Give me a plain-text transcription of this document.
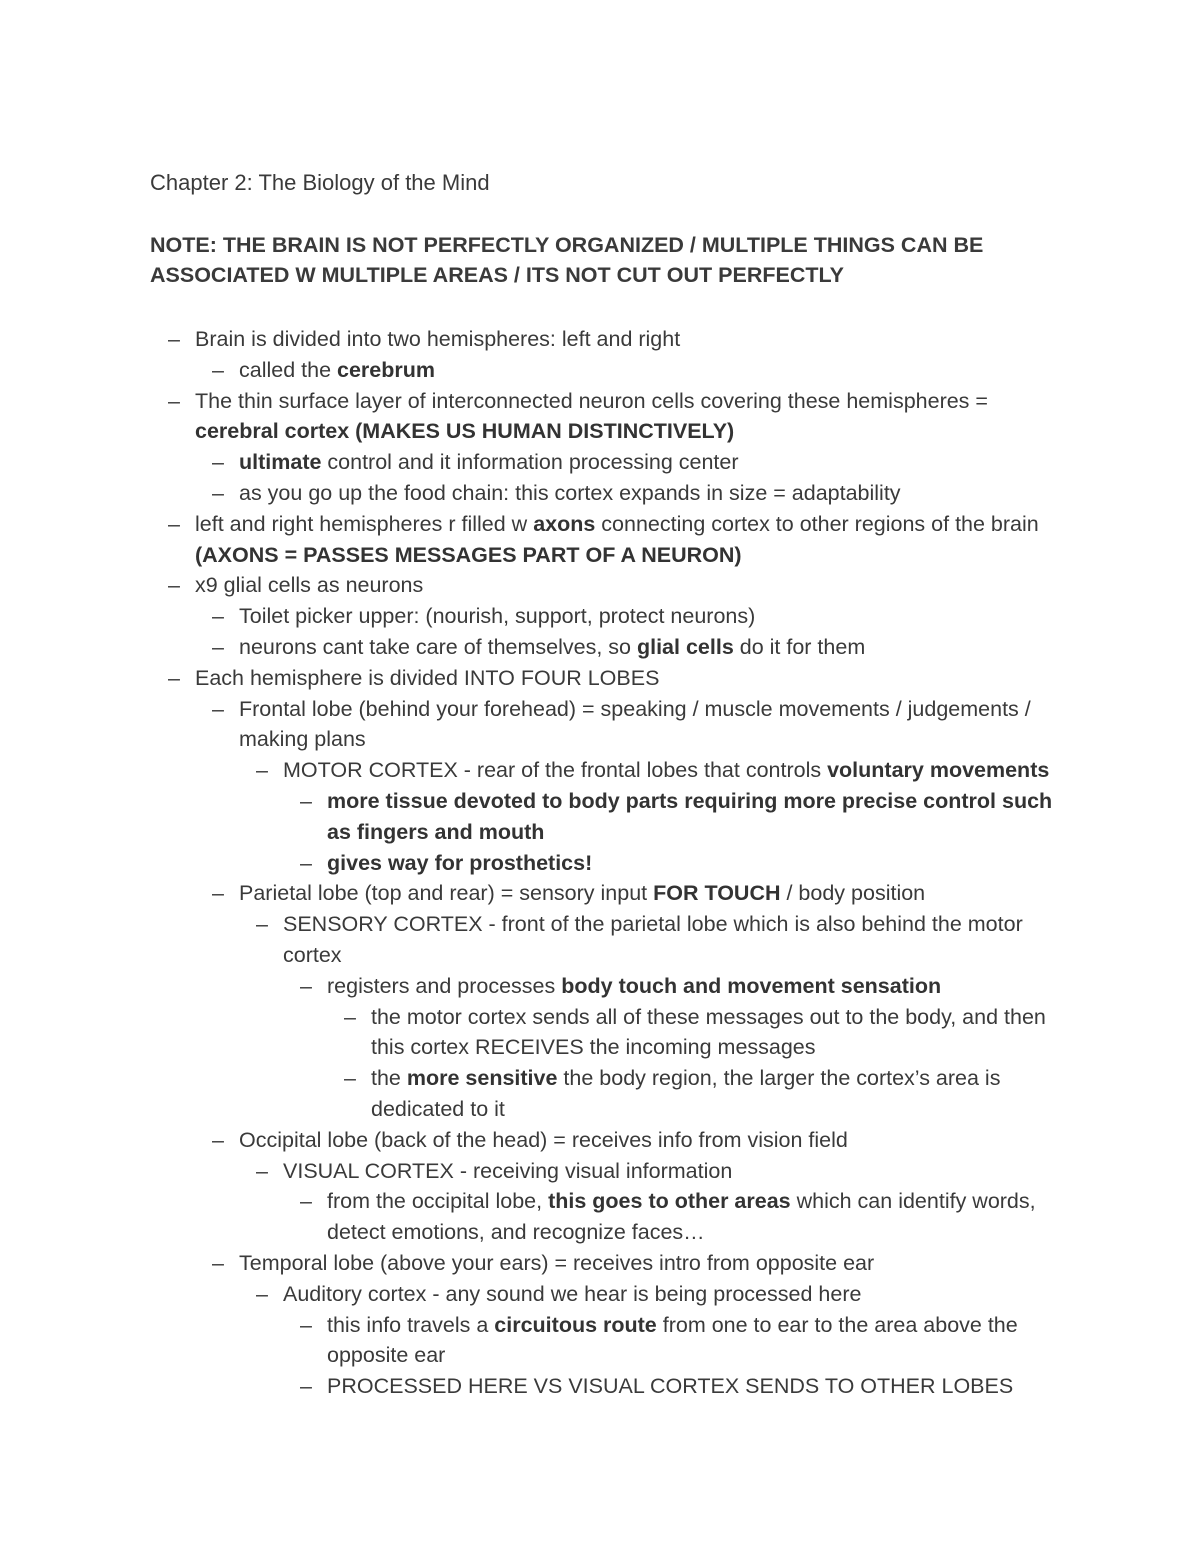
Chapter 2: The Biology of the Mind
NOTE: THE BRAIN IS NOT PERFECTLY ORGANIZED / MULTIPLE THINGS CAN BE ASSOCIATED W MULTIPLE AREAS / ITS NOT CUT OUT PERFECTLY
– Brain is divided into two hemispheres: left and right
– called the cerebrum
– The thin surface layer of interconnected neuron cells covering these hemispheres = cerebral cortex (MAKES US HUMAN DISTINCTIVELY)
– ultimate control and it information processing center
– as you go up the food chain: this cortex expands in size = adaptability
– left and right hemispheres r filled w axons connecting cortex to other regions of the brain (AXONS = PASSES MESSAGES PART OF A NEURON)
– x9 glial cells as neurons
– Toilet picker upper: (nourish, support, protect neurons)
– neurons cant take care of themselves, so glial cells do it for them
– Each hemisphere is divided INTO FOUR LOBES
– Frontal lobe (behind your forehead) = speaking / muscle movements / judgements / making plans
– MOTOR CORTEX - rear of the frontal lobes that controls voluntary movements
– more tissue devoted to body parts requiring more precise control such as fingers and mouth
– gives way for prosthetics!
– Parietal lobe (top and rear) = sensory input FOR TOUCH / body position
– SENSORY CORTEX - front of the parietal lobe which is also behind the motor cortex
– registers and processes body touch and movement sensation
– the motor cortex sends all of these messages out to the body, and then this cortex RECEIVES the incoming messages
– the more sensitive the body region, the larger the cortex’s area is dedicated to it
– Occipital lobe (back of the head) = receives info from vision field
– VISUAL CORTEX - receiving visual information
– from the occipital lobe, this goes to other areas which can identify words, detect emotions, and recognize faces…
– Temporal lobe (above your ears) = receives intro from opposite ear
– Auditory cortex - any sound we hear is being processed here
– this info travels a circuitous route from one to ear to the area above the opposite ear
– PROCESSED HERE VS VISUAL CORTEX SENDS TO OTHER LOBES
